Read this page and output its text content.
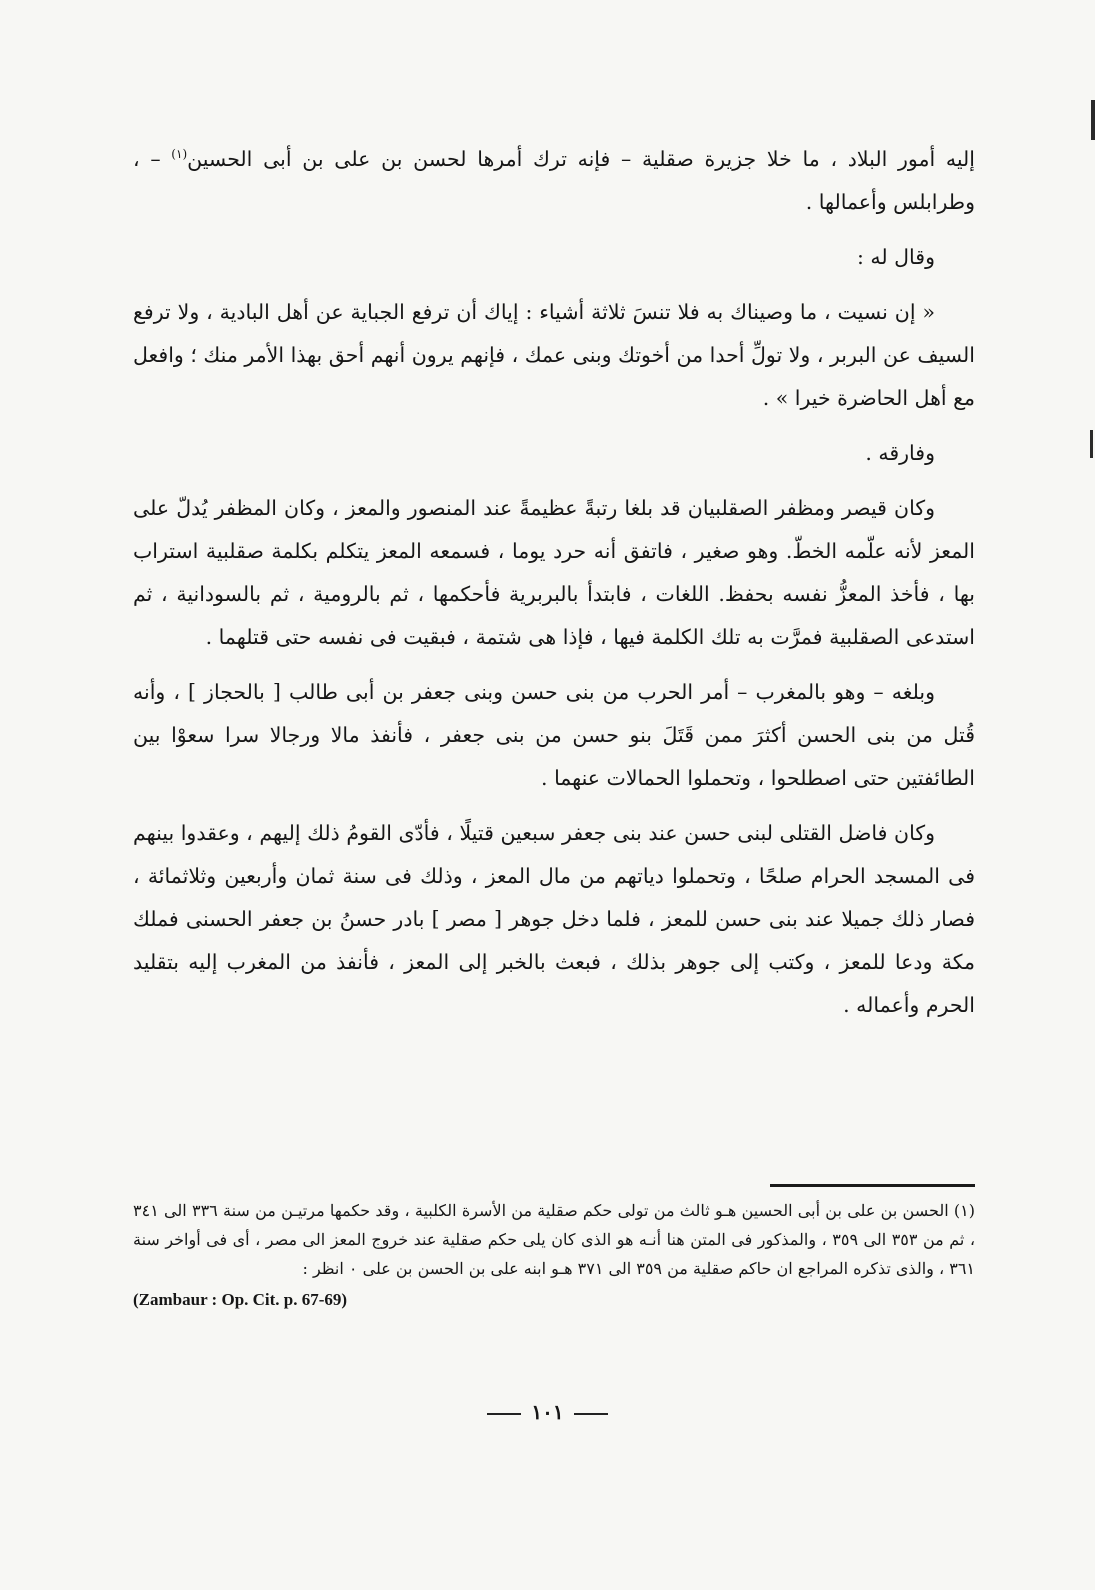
إليه أمور البلاد ، ما خلا جزيرة صقلية – فإنه ترك أمرها لحسن بن على بن أبى الحسين$^{(١)}$ – ، وطرابلس وأعمالها .

وقال له :

« إن نسيت ، ما وصيناك به فلا تنسَ ثلاثة أشياء : إياك أن ترفع الجباية عن أهل البادية ، ولا ترفع السيف عن البربر ، ولا تولِّ أحدا من أخوتك وبنى عمك ، فإنهم يرون أنهم أحق بهذا الأمر منك ؛ وافعل مع أهل الحاضرة خيرا » .

وفارقه .

وكان قيصر ومظفر الصقلبيان قد بلغا رتبةً عظيمةً عند المنصور والمعز ، وكان المظفر يُدلّ على المعز لأنه علّمه الخطّ. وهو صغير ، فاتفق أنه حرد يوما ، فسمعه المعز يتكلم بكلمة صقلبية استراب بها ، فأخذ المعزُّ نفسه بحفظ. اللغات ، فابتدأ بالبربرية فأحكمها ، ثم بالرومية ، ثم بالسودانية ، ثم استدعى الصقلبية فمرَّت به تلك الكلمة فيها ، فإذا هى شتمة ، فبقيت فى نفسه حتى قتلهما .

وبلغه – وهو بالمغرب – أمر الحرب من بنى حسن وبنى جعفر بن أبى طالب [ بالحجاز ] ، وأنه قُتل من بنى الحسن أكثرَ ممن قَتَلَ بنو حسن من بنى جعفر ، فأنفذ مالا ورجالا سرا سعوْا بين الطائفتين حتى اصطلحوا ، وتحملوا الحمالات عنهما .

وكان فاضل القتلى لبنى حسن عند بنى جعفر سبعين قتيلًا ، فأدّى القومُ ذلك إليهم ، وعقدوا بينهم فى المسجد الحرام صلحًا ، وتحملوا دياتهم من مال المعز ، وذلك فى سنة ثمان وأربعين وثلاثمائة ، فصار ذلك جميلا عند بنى حسن للمعز ، فلما دخل جوهر [ مصر ] بادر حسنُ بن جعفر الحسنى فملك مكة ودعا للمعز ، وكتب إلى جوهر بذلك ، فبعث بالخبر إلى المعز ، فأنفذ من المغرب إليه بتقليد الحرم وأعماله .

(١) الحسن بن على بن أبى الحسين هـو ثالث من تولى حكم صقلية من الأسرة الكلبية ، وقد حكمها مرتيـن من سنة ٣٣٦ الى ٣٤١ ، ثم من ٣٥٣ الى ٣٥٩ ، والمذكور فى المتن هنا أنـه هو الذى كان يلى حكم صقلية عند خروج المعز الى مصر ، أى فى أواخر سنة ٣٦١ ، والذى تذكره المراجع ان حاكم صقلية من ٣٥٩ الى ٣٧١ هـو ابنه على بن الحسن بن على ٠ انظر :

(Zambaur : Op. Cit. p. 67-69)

١٠١
